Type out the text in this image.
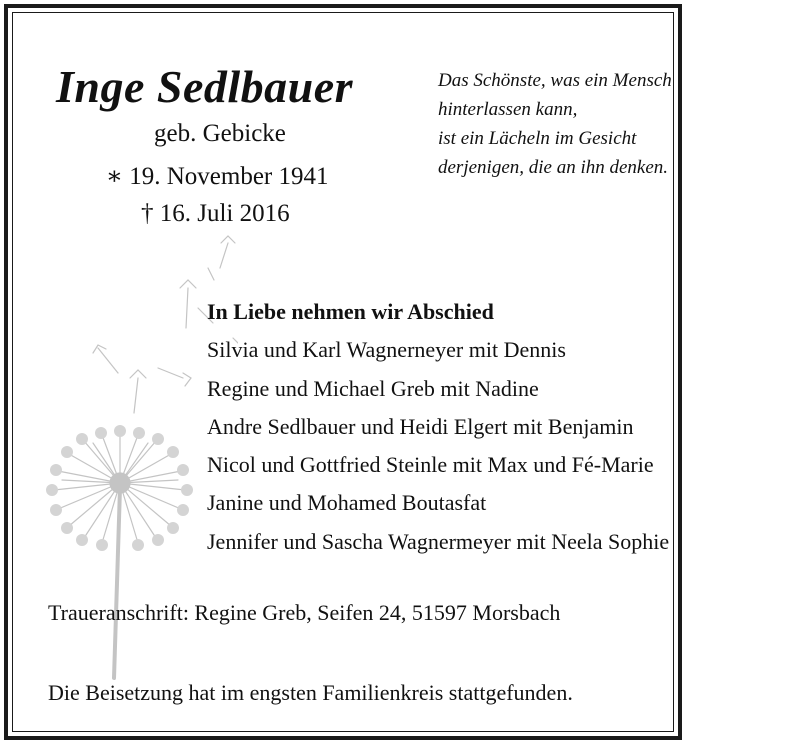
Inge Sedlbauer
geb. Gebicke
∗ 19. November 1941
† 16. Juli 2016
Das Schönste, was ein Mensch
hinterlassen kann,
ist ein Lächeln im Gesicht
derjenigen, die an ihn denken.
In Liebe nehmen wir Abschied
Silvia und Karl Wagnerneyer mit Dennis
Regine und Michael Greb mit Nadine
Andre Sedlbauer und Heidi Elgert mit Benjamin
Nicol und Gottfried Steinle mit Max und Fé-Marie
Janine und Mohamed Boutasfat
Jennifer und Sascha Wagnermeyer mit Neela Sophie
Traueranschrift: Regine Greb, Seifen 24, 51597 Morsbach
Die Beisetzung hat im engsten Familienkreis stattgefunden.
